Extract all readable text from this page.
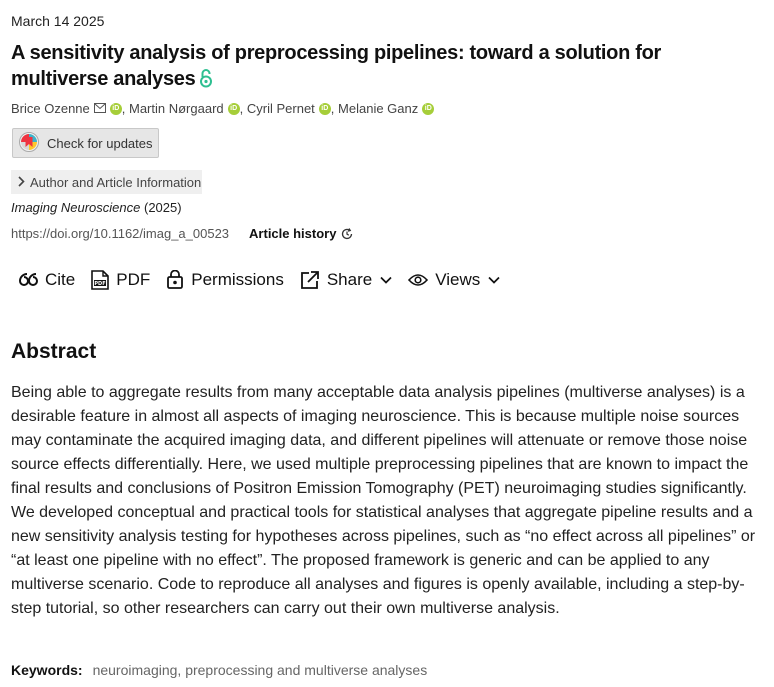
March 14 2025
A sensitivity analysis of preprocessing pipelines: toward a solution for multiverse analyses
Brice Ozenne	iD , Martin Nørgaard iD , Cyril Pernet iD , Melanie Ganz iD
Check for updates
Author and Article Information
Imaging Neuroscience (2025)
https://doi.org/10.1162/imag_a_00523 Article history
Cite	PDF PDF Permissions	Share	Views
Abstract

Being able to aggregate results from many acceptable data analysis pipelines (multiverse analyses) is a desirable feature in almost all aspects of imaging neuroscience. This is because multiple noise sources may contaminate the acquired imaging data, and different pipelines will attenuate or remove those noise source effects differentially. Here, we used multiple preprocessing pipelines that are known to impact the final results and conclusions of Positron Emission Tomography (PET) neuroimaging studies significantly. We developed conceptual and practical tools for statistical analyses that aggregate pipeline results and a new sensitivity analysis testing for hypotheses across pipelines, such as “no effect across all pipelines” or “at least one pipeline with no effect”. The proposed framework is generic and can be applied to any multiverse scenario. Code to reproduce all analyses and figures is openly available, including a step-by-step tutorial, so other researchers can carry out their own multiverse analysis.

Keywords: neuroimaging, preprocessing and multiverse analyses
